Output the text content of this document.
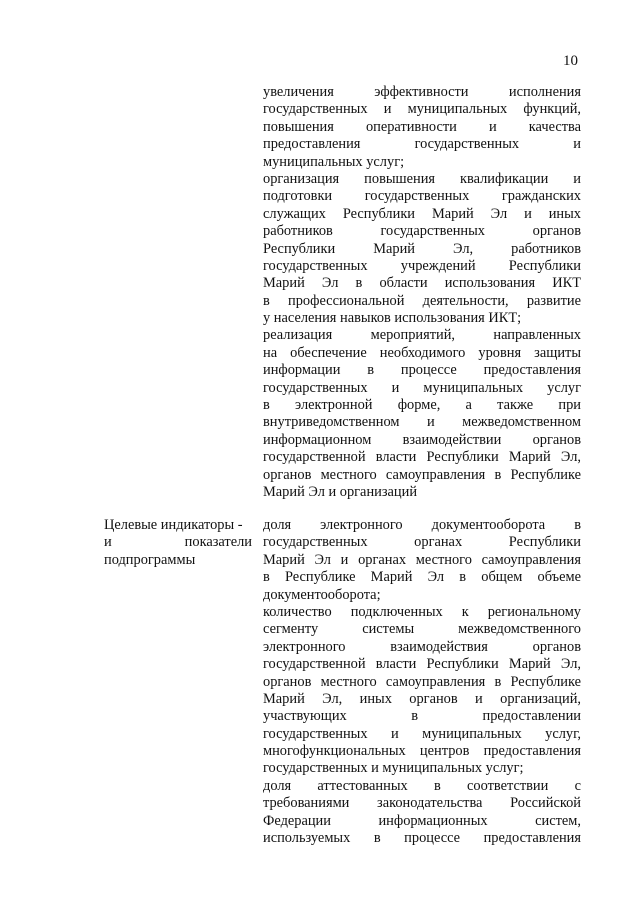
10
увеличения эффективности исполнения
государственных и муниципальных функций,
повышения оперативности и качества
предоставления государственных и
муниципальных услуг;
организация повышения квалификации и
подготовки государственных гражданских
служащих Республики Марий Эл и иных
работников государственных органов
Республики Марий Эл, работников
государственных учреждений Республики
Марий Эл в области использования ИКТ
в профессиональной деятельности, развитие
у населения навыков использования ИКТ;
реализация мероприятий, направленных
на обеспечение необходимого уровня защиты
информации в процессе предоставления
государственных и муниципальных услуг
в электронной форме, а также при
внутриведомственном и межведомственном
информационном взаимодействии органов
государственной власти Республики Марий Эл,
органов местного самоуправления в Республике
Марий Эл и организаций
Целевые индикаторы -
и показатели
подпрограммы
доля электронного документооборота в
государственных органах Республики
Марий Эл и органах местного самоуправления
в Республике Марий Эл в общем объеме
документооборота;
количество подключенных к региональному
сегменту системы межведомственного
электронного взаимодействия органов
государственной власти Республики Марий Эл,
органов местного самоуправления в Республике
Марий Эл, иных органов и организаций,
участвующих в предоставлении
государственных и муниципальных услуг,
многофункциональных центров предоставления
государственных и муниципальных услуг;
доля аттестованных в соответствии с
требованиями законодательства Российской
Федерации информационных систем,
используемых в процессе предоставления
